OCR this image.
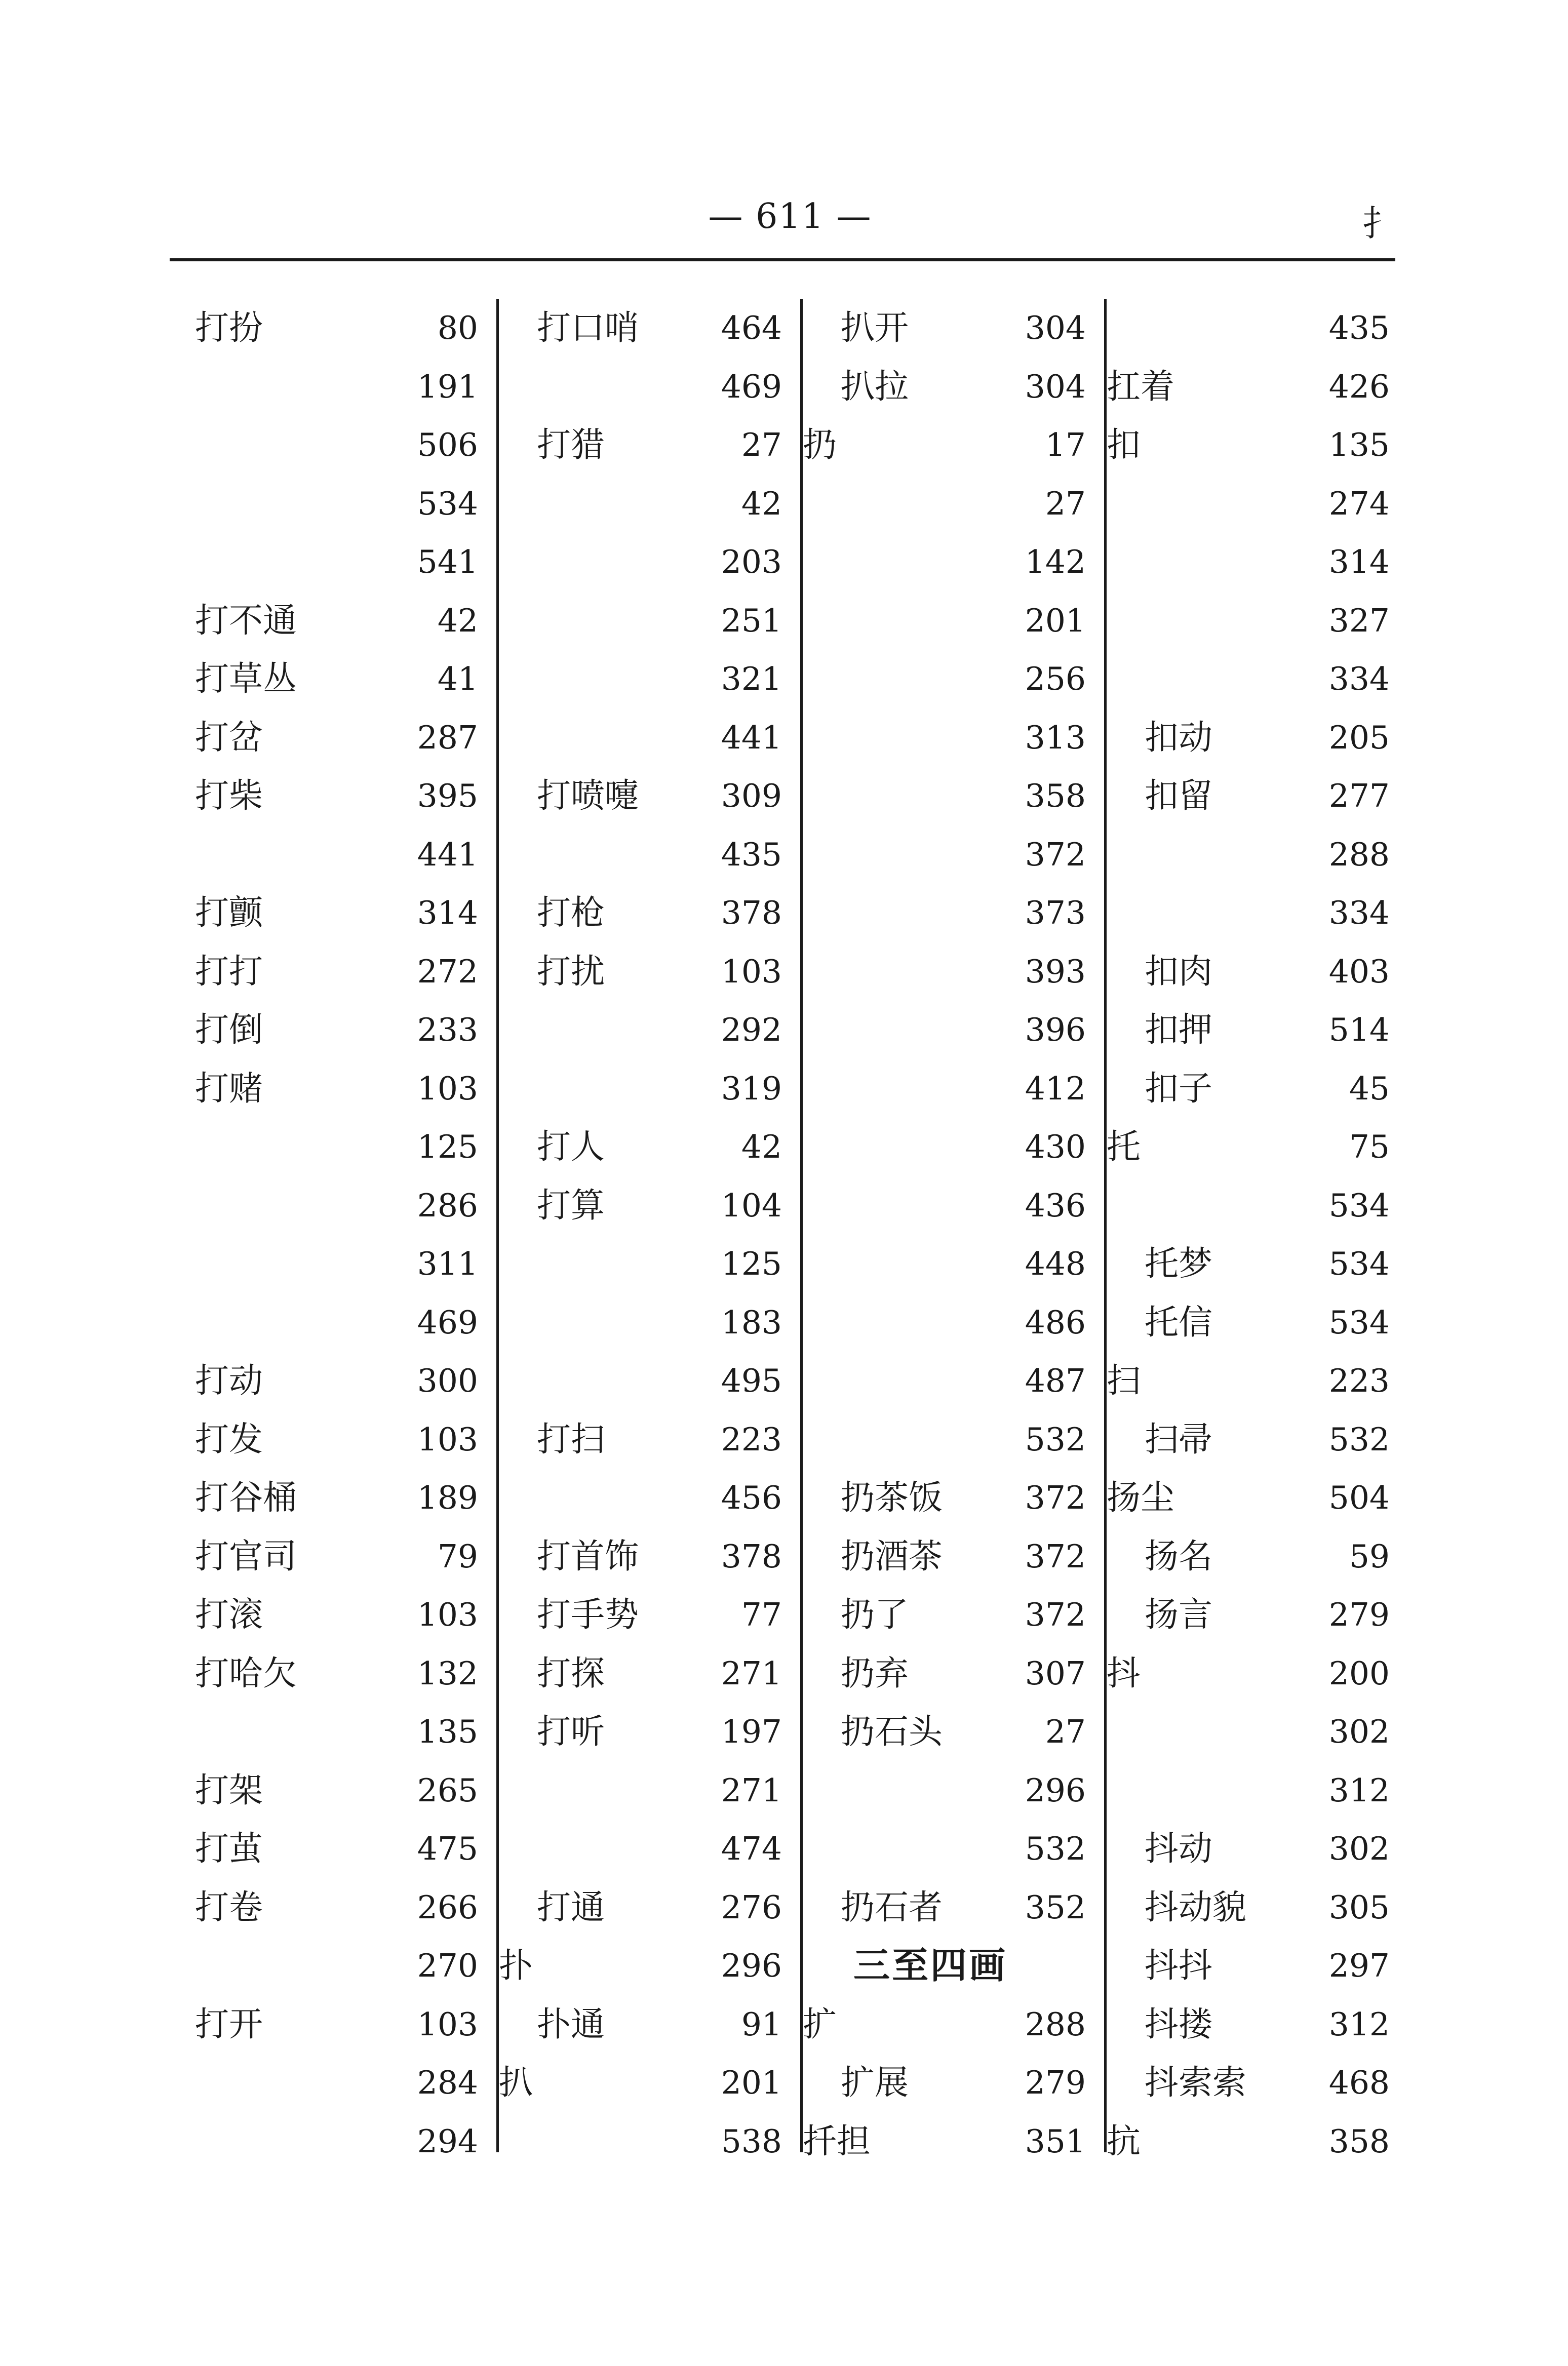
— 611 —	扌
打扮	80
191
506
534
541
打不通	42
打草丛	41
打岔	287
打柴	395
441
打颤	314
打打	272
打倒	233
打赌	103
125
286
311
469
打动	300
打发	103
打谷桶	189
打官司	79
打滚	103
打哈欠	132
135
打架	265
打茧	475
打卷	266
270
打开	103
284
294
打口哨	464
469
打猎	27
42
203
251
321
441
打喷嚏	309
435
打枪	378
打扰	103
292
319
打人	42
打算	104
125
183
495
打扫	223
456
打首饰	378
打手势	77
打探	271
打听	197
271
474
打通	276
扑	296
扑通	91
扒	201
538
扒开	304
扒拉	304
扔	17
27
142
201
256
313
358
372
373
393
396
412
430
436
448
486
487
532
扔茶饭	372
扔酒茶	372
扔了	372
扔弃	307
扔石头	27
296
532
扔石者	352
三至四画
扩	288
扩展	279
扦担	351
435
扛着	426
扣	135
274
314
327
334
扣动	205
扣留	277
288
334
扣肉	403
扣押	514
扣子	45
托	75
534
托梦	534
托信	534
扫	223
扫帚	532
扬尘	504
扬名	59
扬言	279
抖	200
302
312
抖动	302
抖动貌	305
抖抖	297
抖搂	312
抖索索	468
抗	358
